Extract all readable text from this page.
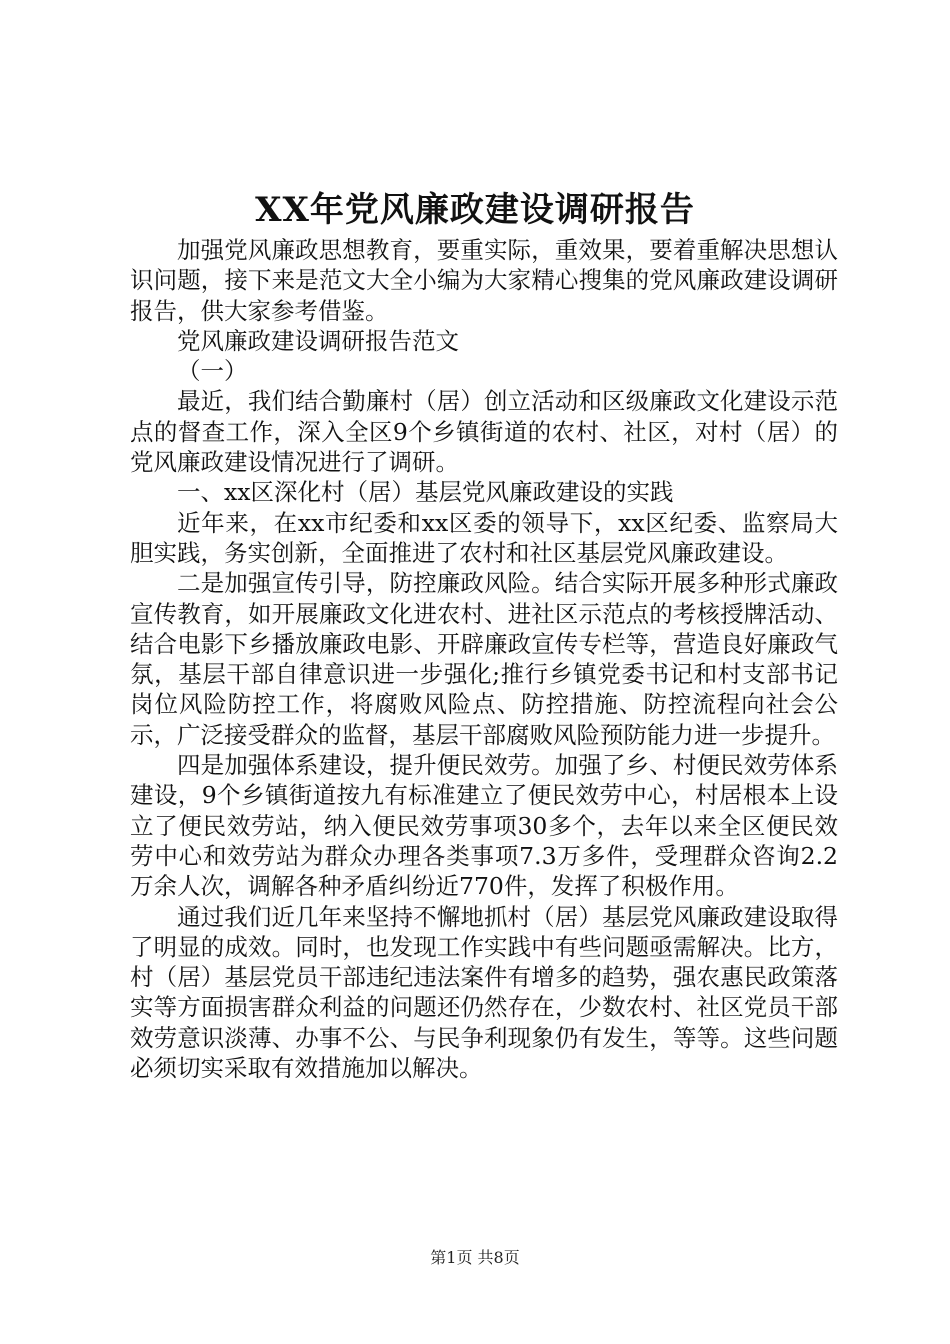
XX年党风廉政建设调研报告

加强党风廉政思想教育，要重实际，重效果，要着重解决思想认识问题，接下来是范文大全小编为大家精心搜集的党风廉政建设调研报告，供大家参考借鉴。

党风廉政建设调研报告范文

（一）

最近，我们结合勤廉村（居）创立活动和区级廉政文化建设示范点的督查工作，深入全区9个乡镇街道的农村、社区，对村（居）的党风廉政建设情况进行了调研。

一、xx区深化村（居）基层党风廉政建设的实践

近年来，在xx市纪委和xx区委的领导下，xx区纪委、监察局大胆实践，务实创新，全面推进了农村和社区基层党风廉政建设。

二是加强宣传引导，防控廉政风险。结合实际开展多种形式廉政宣传教育，如开展廉政文化进农村、进社区示范点的考核授牌活动、结合电影下乡播放廉政电影、开辟廉政宣传专栏等，营造良好廉政气氛，基层干部自律意识进一步强化;推行乡镇党委书记和村支部书记岗位风险防控工作，将腐败风险点、防控措施、防控流程向社会公示，广泛接受群众的监督，基层干部腐败风险预防能力进一步提升。

四是加强体系建设，提升便民效劳。加强了乡、村便民效劳体系建设，9个乡镇街道按九有标准建立了便民效劳中心，村居根本上设立了便民效劳站，纳入便民效劳事项30多个，去年以来全区便民效劳中心和效劳站为群众办理各类事项7.3万多件，受理群众咨询2.2万余人次，调解各种矛盾纠纷近770件，发挥了积极作用。

通过我们近几年来坚持不懈地抓村（居）基层党风廉政建设取得了明显的成效。同时，也发现工作实践中有些问题亟需解决。比方，村（居）基层党员干部违纪违法案件有增多的趋势，强农惠民政策落实等方面损害群众利益的问题还仍然存在，少数农村、社区党员干部效劳意识淡薄、办事不公、与民争利现象仍有发生，等等。这些问题必须切实采取有效措施加以解决。

第1页 共8页
